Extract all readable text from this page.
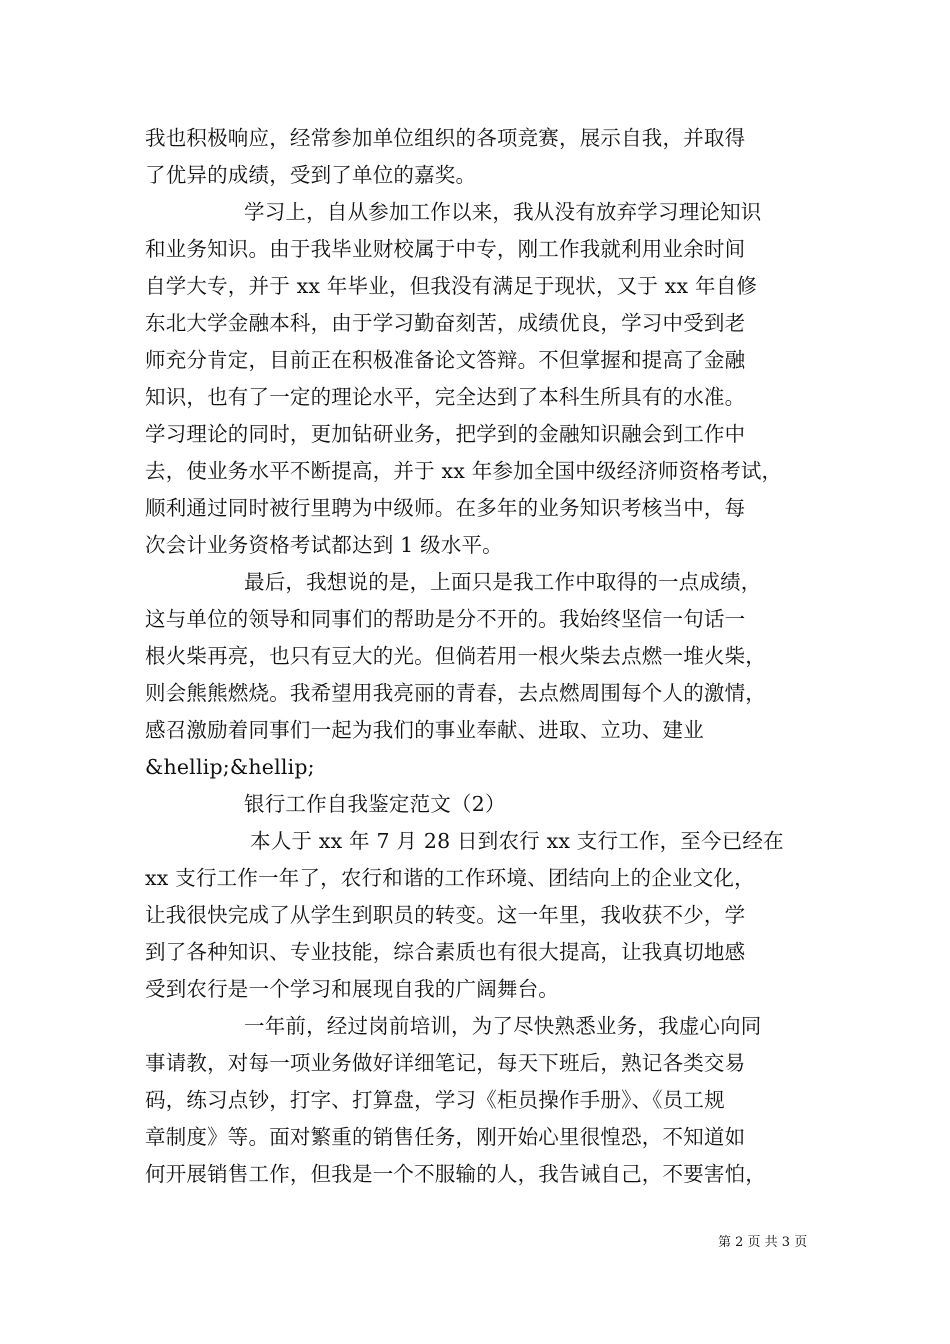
我也积极响应，经常参加单位组织的各项竞赛，展示自我，并取得
了优异的成绩，受到了单位的嘉奖。
学习上，自从参加工作以来，我从没有放弃学习理论知识
和业务知识。由于我毕业财校属于中专，刚工作我就利用业余时间
自学大专，并于 xx 年毕业，但我没有满足于现状，又于 xx 年自修
东北大学金融本科，由于学习勤奋刻苦，成绩优良，学习中受到老
师充分肯定，目前正在积极准备论文答辩。不但掌握和提高了金融
知识，也有了一定的理论水平，完全达到了本科生所具有的水准。
学习理论的同时，更加钻研业务，把学到的金融知识融会到工作中
去，使业务水平不断提高，并于 xx 年参加全国中级经济师资格考试，
顺利通过同时被行里聘为中级师。在多年的业务知识考核当中，每
次会计业务资格考试都达到 1 级水平。
最后，我想说的是，上面只是我工作中取得的一点成绩，
这与单位的领导和同事们的帮助是分不开的。我始终坚信一句话一
根火柴再亮，也只有豆大的光。但倘若用一根火柴去点燃一堆火柴，
则会熊熊燃烧。我希望用我亮丽的青春，去点燃周围每个人的激情，
感召激励着同事们一起为我们的事业奉献、进取、立功、建业
&hellip;&hellip;
银行工作自我鉴定范文（2）
本人于 xx 年 7 月 28 日到农行 xx 支行工作，至今已经在
xx 支行工作一年了，农行和谐的工作环境、团结向上的企业文化，
让我很快完成了从学生到职员的转变。这一年里，我收获不少，学
到了各种知识、专业技能，综合素质也有很大提高，让我真切地感
受到农行是一个学习和展现自我的广阔舞台。
一年前，经过岗前培训，为了尽快熟悉业务，我虚心向同
事请教，对每一项业务做好详细笔记，每天下班后，熟记各类交易
码，练习点钞，打字、打算盘，学习《柜员操作手册》、《员工规
章制度》等。面对繁重的销售任务，刚开始心里很惶恐，不知道如
何开展销售工作，但我是一个不服输的人，我告诫自己，不要害怕，
第 2 页 共 3 页
